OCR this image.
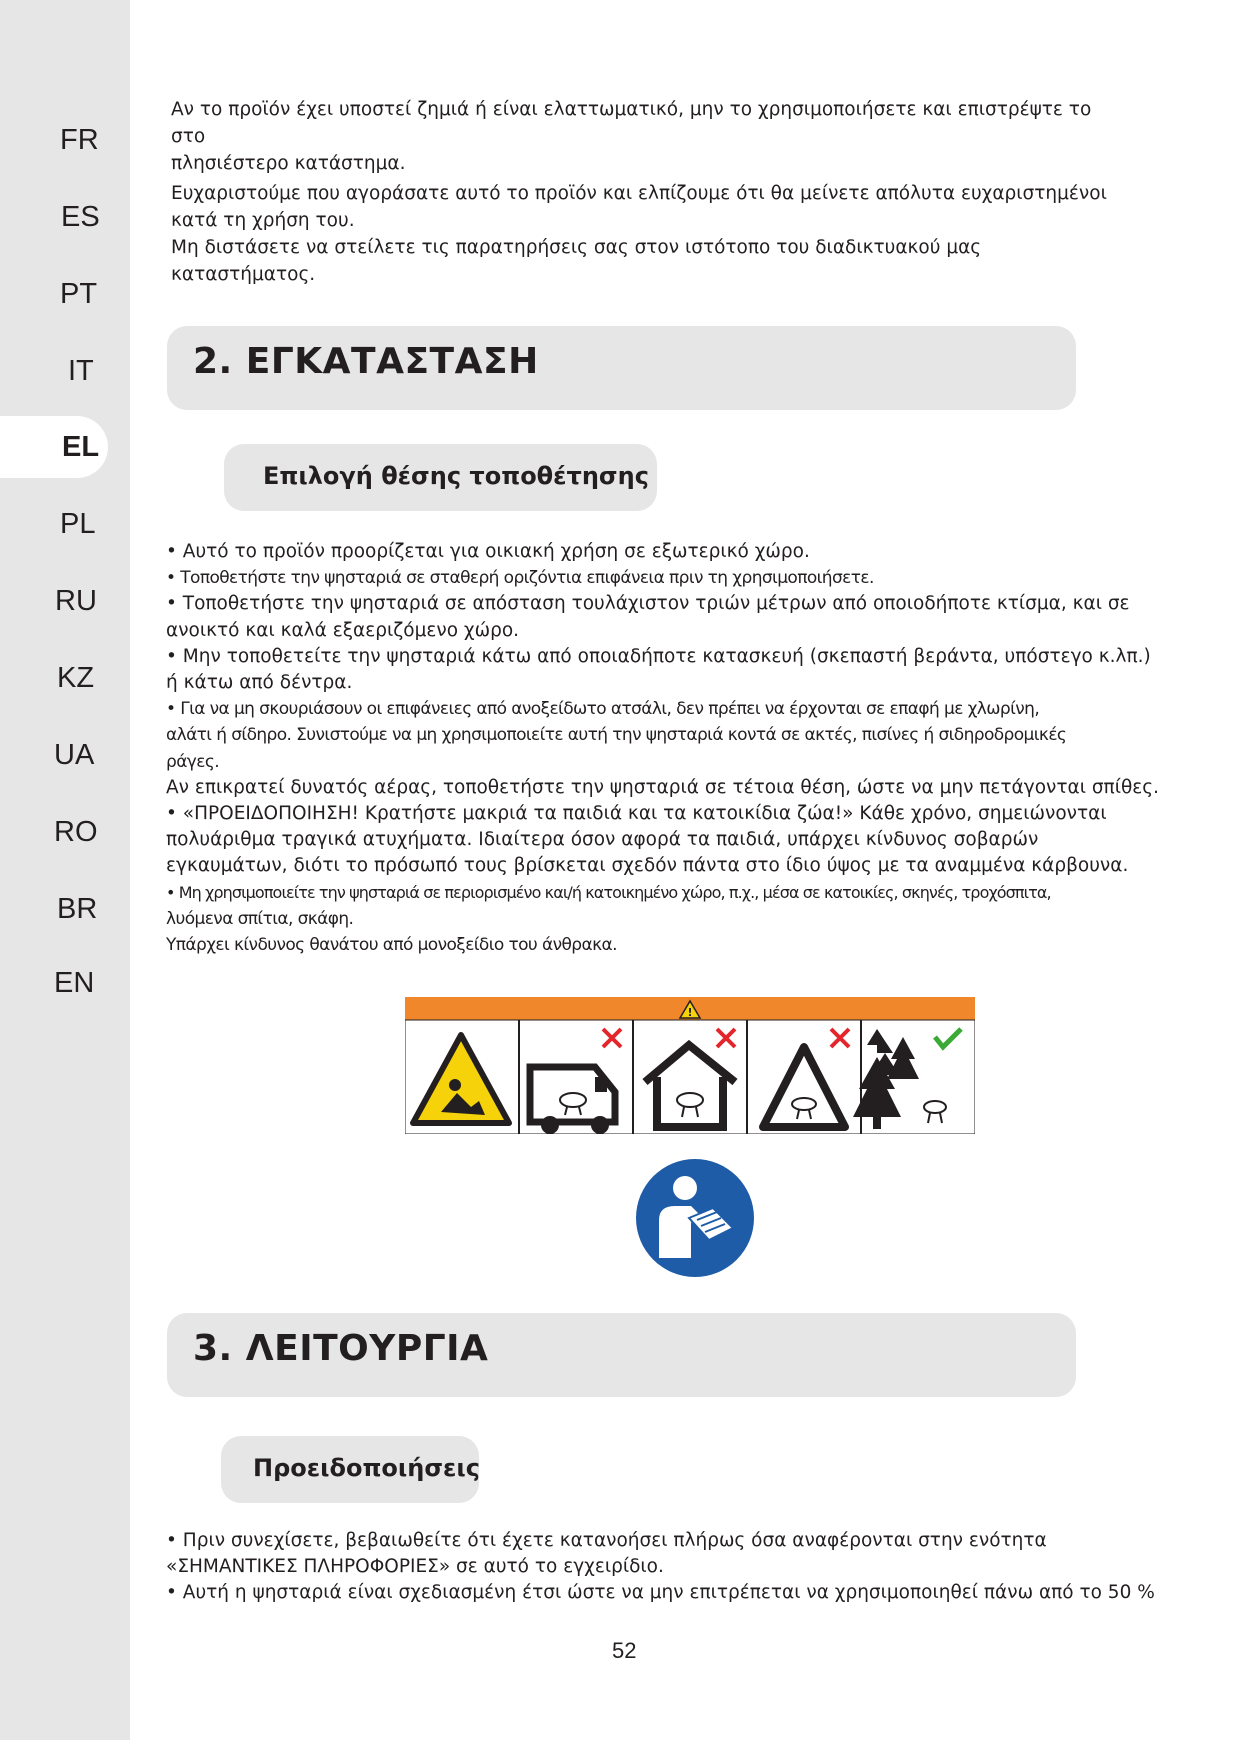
FR
ES
PT
IT
EL
PL
RU
KZ
UA
RO
BR
EN
Αν το προϊόν έχει υποστεί ζημιά ή είναι ελαττωματικό, μην το χρησιμοποιήσετε και επιστρέψτε το στο
πλησιέστερο κατάστημα.
Ευχαριστούμε που αγοράσατε αυτό το προϊόν και ελπίζουμε ότι θα μείνετε απόλυτα ευχαριστημένοι
κατά τη χρήση του.
Μη διστάσετε να στείλετε τις παρατηρήσεις σας στον ιστότοπο του διαδικτυακού μας καταστήματος.
2. ΕΓΚΑΤΑΣΤΑΣΗ
Επιλογή θέσης τοποθέτησης
• Αυτό το προϊόν προορίζεται για οικιακή χρήση σε εξωτερικό χώρο.
• Τοποθετήστε την ψησταριά σε σταθερή οριζόντια επιφάνεια πριν τη χρησιμοποιήσετε.
• Τοποθετήστε την ψησταριά σε απόσταση τουλάχιστον τριών μέτρων από οποιοδήποτε κτίσμα, και σε
ανοικτό και καλά εξαεριζόμενο χώρο.
• Μην τοποθετείτε την ψησταριά κάτω από οποιαδήποτε κατασκευή (σκεπαστή βεράντα, υπόστεγο κ.λπ.)
ή κάτω από δέντρα.
• Για να μη σκουριάσουν οι επιφάνειες από ανοξείδωτο ατσάλι, δεν πρέπει να έρχονται σε επαφή με χλωρίνη,
αλάτι ή σίδηρο. Συνιστούμε να μη χρησιμοποιείτε αυτή την ψησταριά κοντά σε ακτές, πισίνες ή σιδηροδρομικές
ράγες.
Αν επικρατεί δυνατός αέρας, τοποθετήστε την ψησταριά σε τέτοια θέση, ώστε να μην πετάγονται σπίθες.
• «ΠΡΟΕΙΔΟΠΟΙΗΣΗ! Κρατήστε μακριά τα παιδιά και τα κατοικίδια ζώα!» Κάθε χρόνο, σημειώνονται
πολυάριθμα τραγικά ατυχήματα. Ιδιαίτερα όσον αφορά τα παιδιά, υπάρχει κίνδυνος σοβαρών
εγκαυμάτων, διότι το πρόσωπό τους βρίσκεται σχεδόν πάντα στο ίδιο ύψος με τα αναμμένα κάρβουνα.
• Μη χρησιμοποιείτε την ψησταριά σε περιορισμένο και/ή κατοικημένο χώρο, π.χ., μέσα σε κατοικίες, σκηνές, τροχόσπιτα,
λυόμενα σπίτια, σκάφη.
Υπάρχει κίνδυνος θανάτου από μονοξείδιο του άνθρακα.
!
3. ΛΕΙΤΟΥΡΓΙΑ
Προειδοποιήσεις
• Πριν συνεχίσετε, βεβαιωθείτε ότι έχετε κατανοήσει πλήρως όσα αναφέρονται στην ενότητα
«ΣΗΜΑΝΤΙΚΕΣ ΠΛΗΡΟΦΟΡΙΕΣ» σε αυτό το εγχειρίδιο.
• Αυτή η ψησταριά είναι σχεδιασμένη έτσι ώστε να μην επιτρέπεται να χρησιμοποιηθεί πάνω από το 50 %
52
